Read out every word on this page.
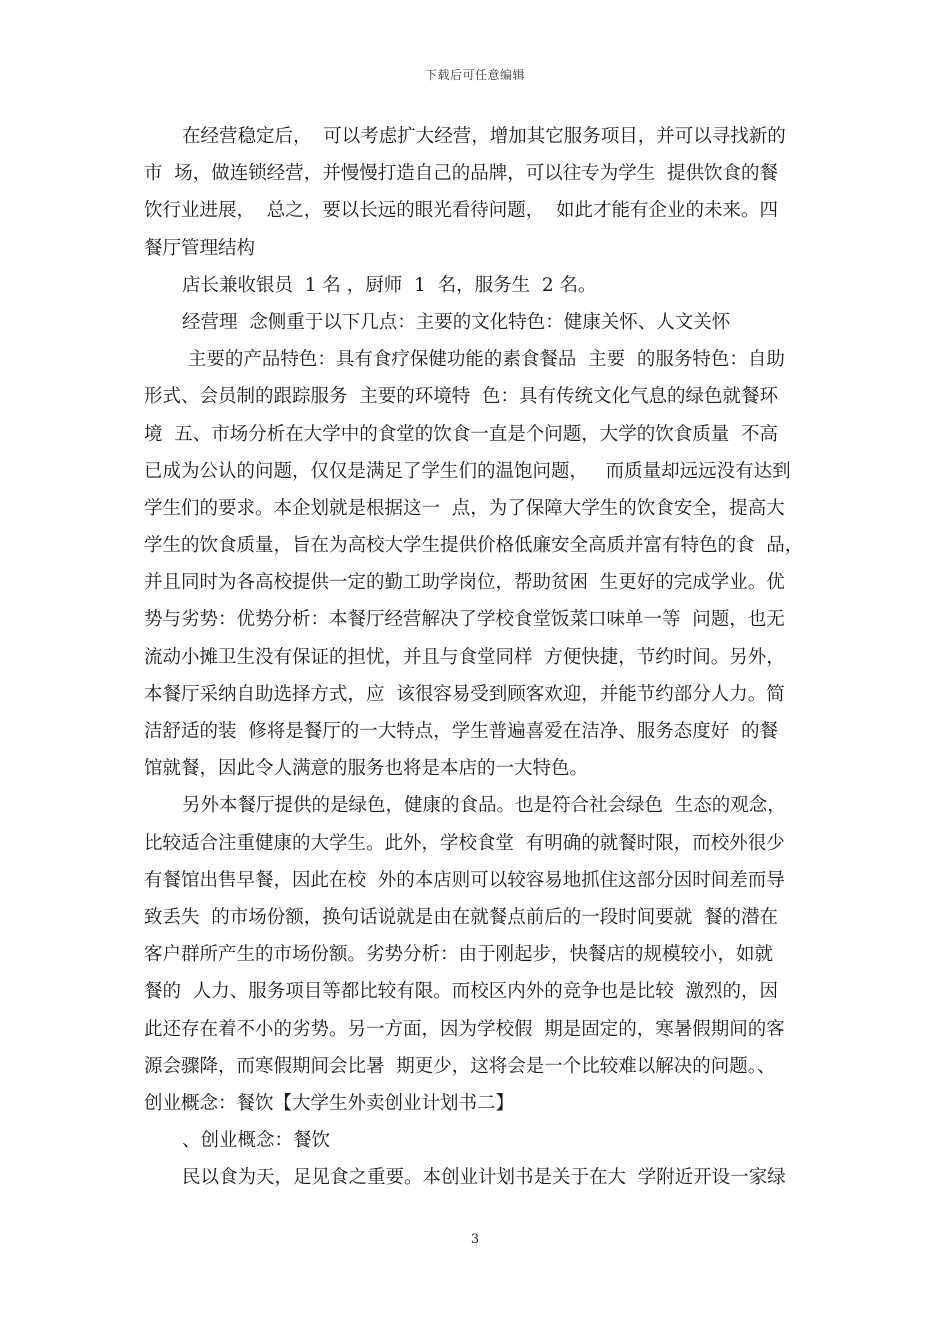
下载后可任意编辑
在经营稳定后，  可以考虑扩大经营，增加其它服务项目，并可以寻找新的
市  场，做连锁经营，并慢慢打造自己的品牌，可以往专为学生  提供饮食的餐
饮行业进展，  总之，要以长远的眼光看待问题，  如此才能有企业的未来。四
餐厅管理结构
店长兼收银员  1 名 ，厨师  1  名，服务生  2 名。
经营理  念侧重于以下几点：主要的文化特色：健康关怀、人文关怀
主要的产品特色：具有食疗保健功能的素食餐品  主要  的服务特色：自助
形式、会员制的跟踪服务  主要的环境特  色：具有传统文化气息的绿色就餐环
境  五、市场分析在大学中的食堂的饮食一直是个问题，大学的饮食质量  不高
已成为公认的问题，仅仅是满足了学生们的温饱问题，   而质量却远远没有达到
学生们的要求。本企划就是根据这一  点，为了保障大学生的饮食安全，提高大
学生的饮食质量，旨在为高校大学生提供价格低廉安全高质并富有特色的食  品，
并且同时为各高校提供一定的勤工助学岗位，帮助贫困  生更好的完成学业。优
势与劣势：优势分析：本餐厅经营解决了学校食堂饭菜口味单一等  问题，也无
流动小摊卫生没有保证的担忧，并且与食堂同样  方便快捷，节约时间。另外，
本餐厅采纳自助选择方式，应  该很容易受到顾客欢迎，并能节约部分人力。简
洁舒适的装  修将是餐厅的一大特点，学生普遍喜爱在洁净、服务态度好  的餐
馆就餐，因此令人满意的服务也将是本店的一大特色。
另外本餐厅提供的是绿色，健康的食品。也是符合社会绿色  生态的观念，
比较适合注重健康的大学生。此外，学校食堂  有明确的就餐时限，而校外很少
有餐馆出售早餐，因此在校  外的本店则可以较容易地抓住这部分因时间差而导
致丢失  的市场份额，换句话说就是由在就餐点前后的一段时间要就  餐的潜在
客户群所产生的市场份额。劣势分析：由于刚起步，快餐店的规模较小，如就
餐的  人力、服务项目等都比较有限。而校区内外的竞争也是比较  激烈的，因
此还存在着不小的劣势。另一方面，因为学校假  期是固定的，寒暑假期间的客
源会骤降，而寒假期间会比暑  期更少，这将会是一个比较难以解决的问题。、
创业概念：餐饮【大学生外卖创业计划书二】
、创业概念：餐饮
民以食为天，足见食之重要。本创业计划书是关于在大  学附近开设一家绿
3
